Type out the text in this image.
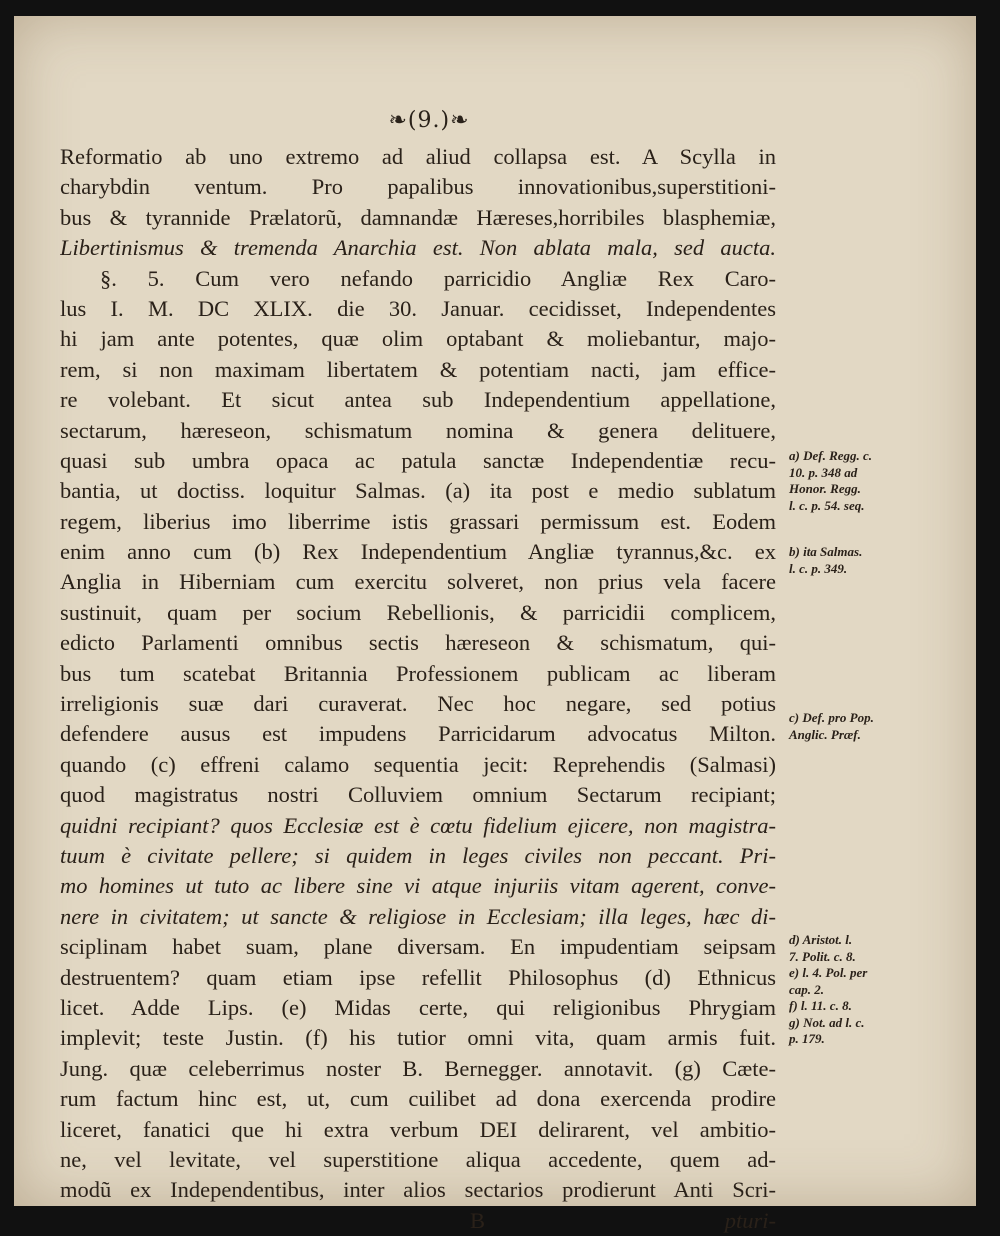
❧(9.)❧
Reformatio ab uno extremo ad aliud collapsa est. A Scylla in
charybdin ventum. Pro papalibus innovationibus,superstitioni-
bus & tyrannide Prælatorũ, damnandæ Hæreses,horribiles blasphemiæ,
Libertinismus & tremenda Anarchia est. Non ablata mala, sed aucta.
§. 5. Cum vero nefando parricidio Angliæ Rex Caro-
lus I. M. DC XLIX. die 30. Januar. cecidisset, Independentes
hi jam ante potentes, quæ olim optabant & moliebantur, majo-
rem, si non maximam libertatem & potentiam nacti, jam effice-
re volebant. Et sicut antea sub Independentium appellatione,
sectarum, hæreseon, schismatum nomina & genera delituere,
quasi sub umbra opaca ac patula sanctæ Independentiæ recu-
bantia, ut doctiss. loquitur Salmas. (a) ita post e medio sublatum
regem, liberius imo liberrime istis grassari permissum est. Eodem
enim anno cum (b) Rex Independentium Angliæ tyrannus,&c. ex
Anglia in Hiberniam cum exercitu solveret, non prius vela facere
sustinuit, quam per socium Rebellionis, & parricidii complicem,
edicto Parlamenti omnibus sectis hæreseon & schismatum, qui-
bus tum scatebat Britannia Professionem publicam ac liberam
irreligionis suæ dari curaverat. Nec hoc negare, sed potius
defendere ausus est impudens Parricidarum advocatus Milton.
quando (c) effreni calamo sequentia jecit: Reprehendis (Salmasi)
quod magistratus nostri Colluviem omnium Sectarum recipiant;
quidni recipiant? quos Ecclesiæ est è cœtu fidelium ejicere, non magistra-
tuum è civitate pellere; si quidem in leges civiles non peccant. Pri-
mo homines ut tuto ac libere sine vi atque injuriis vitam agerent, conve-
nere in civitatem; ut sancte & religiose in Ecclesiam; illa leges, hæc di-
sciplinam habet suam, plane diversam. En impudentiam seipsam
destruentem? quam etiam ipse refellit Philosophus (d) Ethnicus
licet. Adde Lips. (e) Midas certe, qui religionibus Phrygiam
implevit; teste Justin. (f) his tutior omni vita, quam armis fuit.
Jung. quæ celeberrimus noster B. Bernegger. annotavit. (g) Cæte-
rum factum hinc est, ut, cum cuilibet ad dona exercenda prodire
liceret, fanatici que hi extra verbum DEI delirarent, vel ambitio-
ne, vel levitate, vel superstitione aliqua accedente, quem ad-
modũ ex Independentibus, inter alios sectarios prodierunt Anti Scri-
B	pturi-
a) Def. Regg. c.
10. p. 348 ad
Honor. Regg.
l. c. p. 54. seq.
b) ita Salmas.
l. c. p. 349.
c) Def. pro Pop.
Anglic. Præf.
d) Aristot. l.
7. Polit. c. 8.
e) l. 4. Pol. per
cap. 2.
f) l. 11. c. 8.
g) Not. ad l. c.
p. 179.
